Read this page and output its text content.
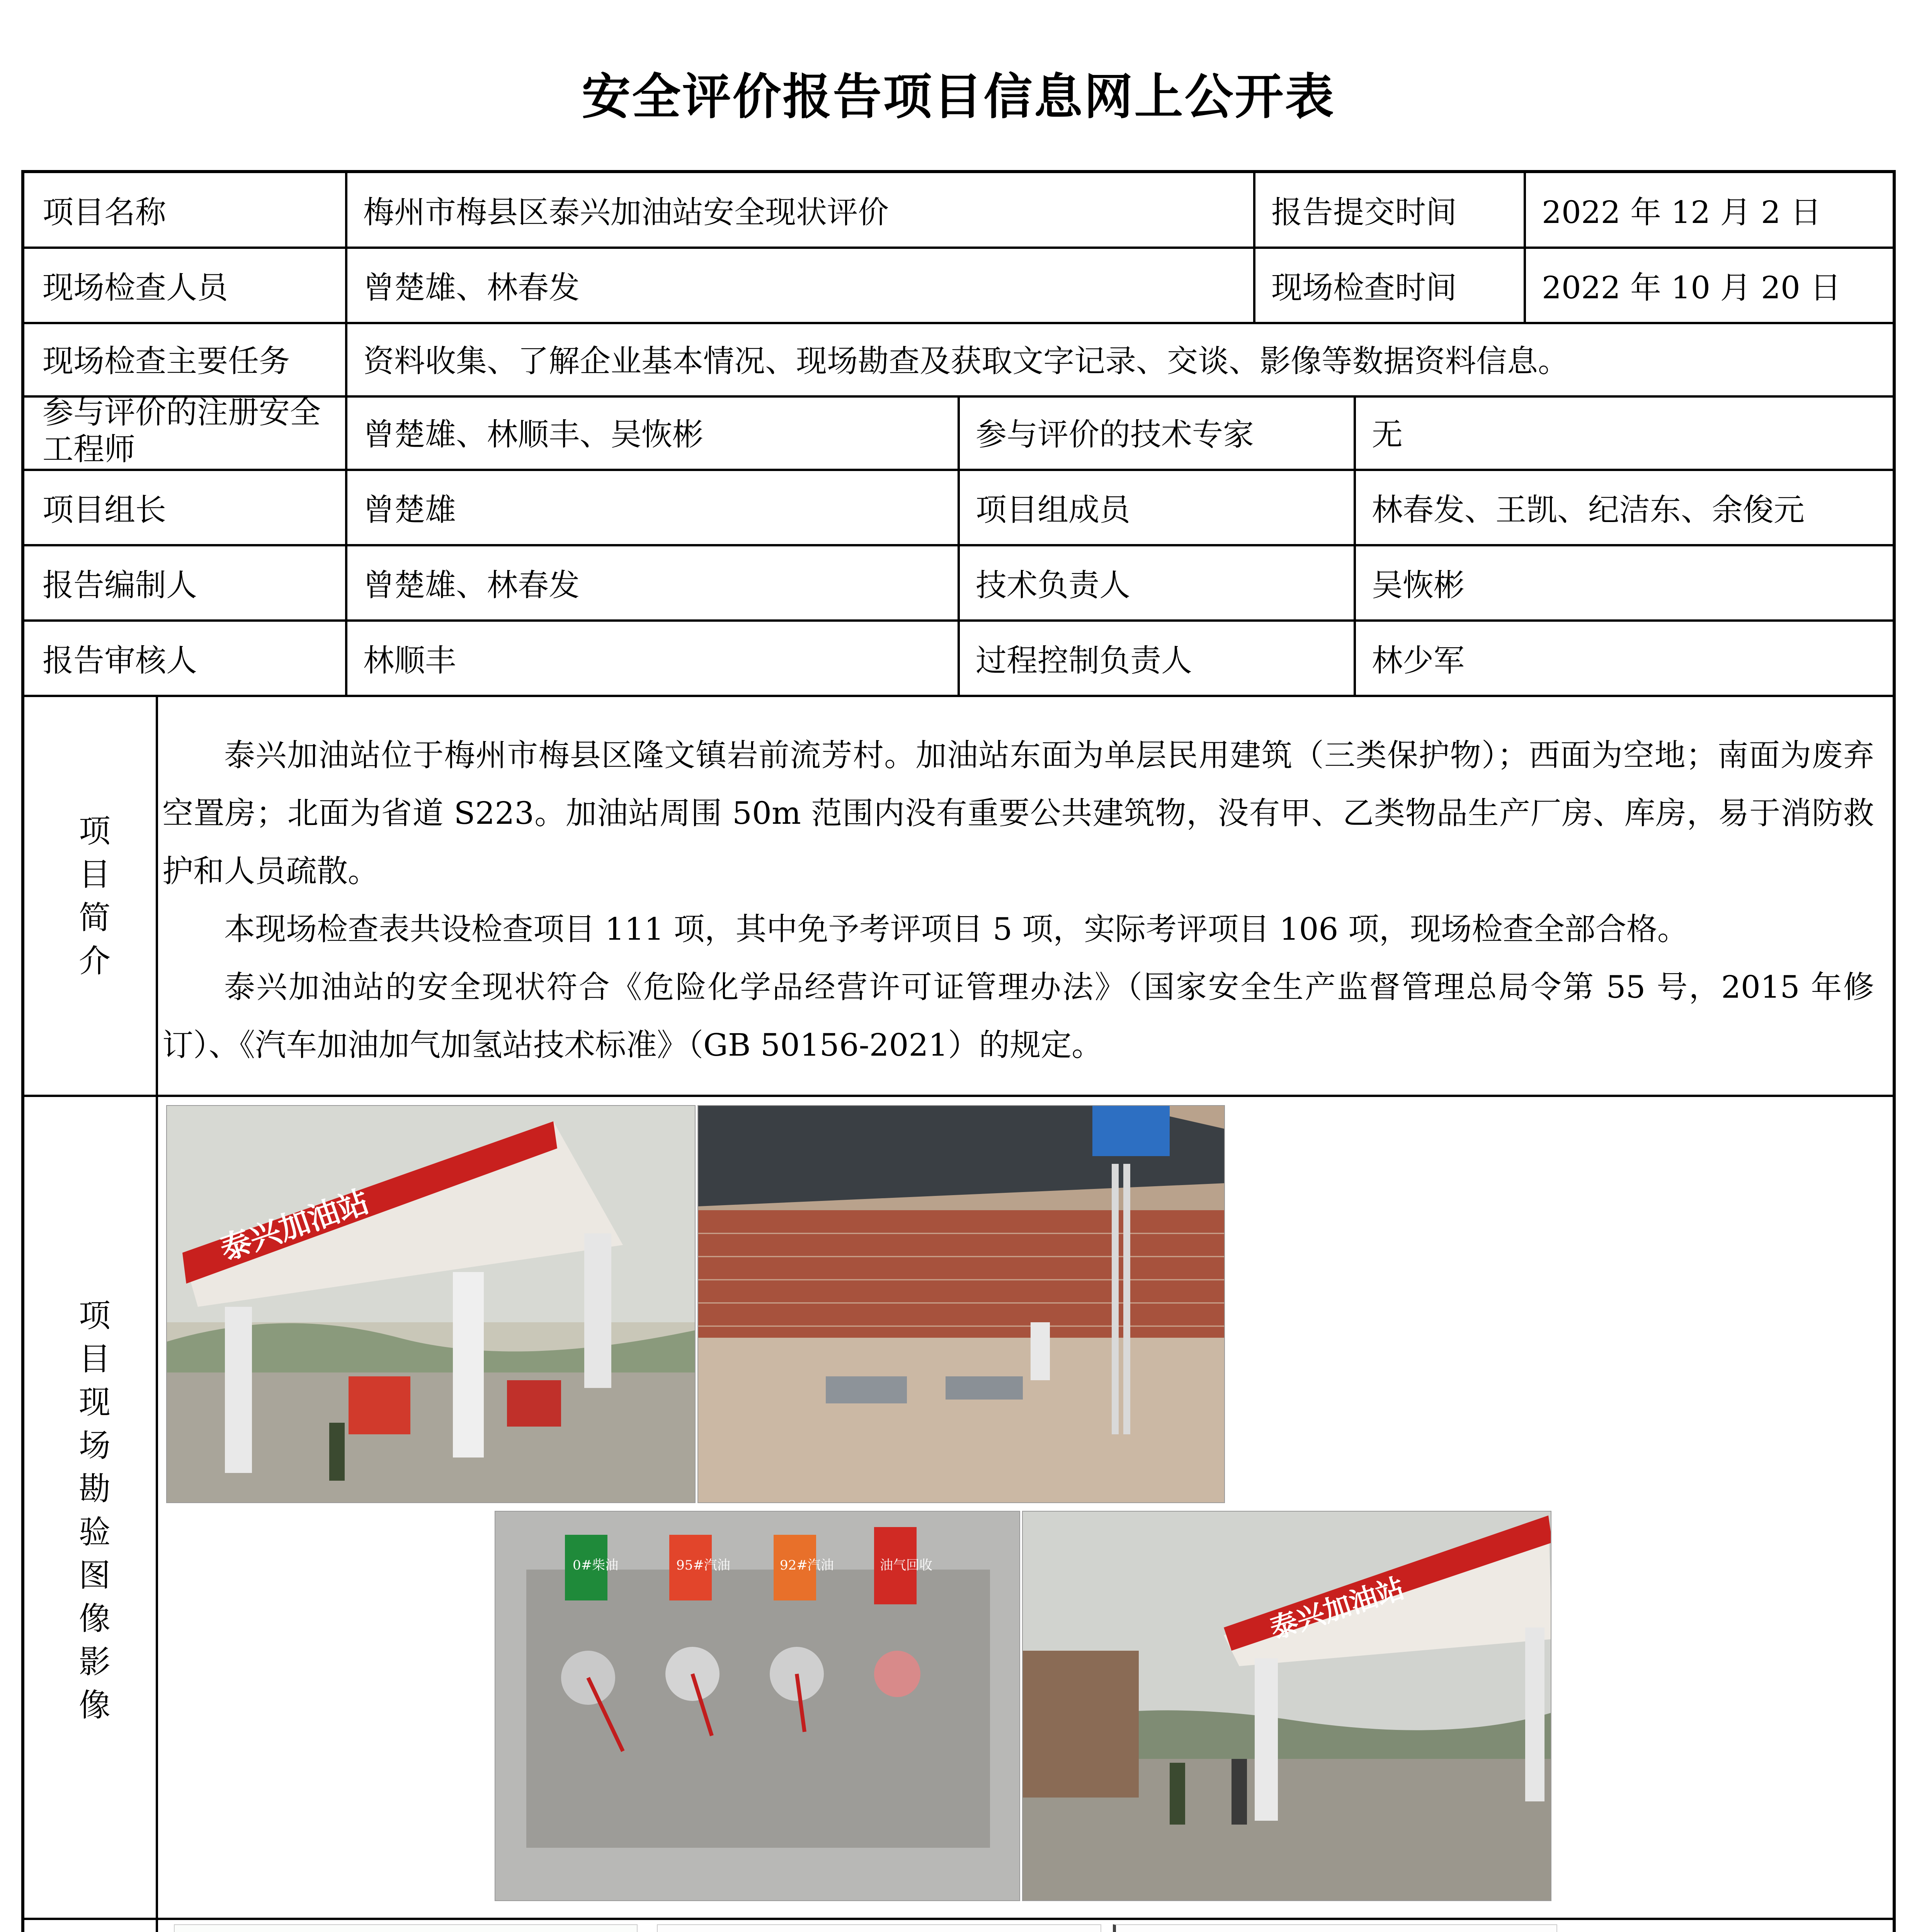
安全评价报告项目信息网上公开表
项目名称	梅州市梅县区泰兴加油站安全现状评价	报告提交时间	2022 年 12 月 2 日
现场检查人员	曾楚雄、林春发	现场检查时间	2022 年 10 月 20 日
现场检查主要任务 资料收集、了解企业基本情况、现场勘查及获取文字记录、交谈、影像等数据资料信息。
参与评价的注册安全工程师	曾楚雄、林顺丰、吴恢彬	参与评价的技术专家	无
项目组长	曾楚雄	项目组成员	林春发、王凯、纪洁东、余俊元
报告编制人	曾楚雄、林春发	技术负责人	吴恢彬
报告审核人	林顺丰	过程控制负责人	林少军
项目简介

泰兴加油站位于梅州市梅县区隆文镇岩前流芳村。加油站东面为单层民用建筑（三类保护物）；西面为空地；南面为废弃空置房；北面为省道 S223。加油站周围 50m 范围内没有重要公共建筑物，没有甲、乙类物品生产厂房、库房，易于消防救护和人员疏散。

本现场检查表共设检查项目 111 项，其中免予考评项目 5 项，实际考评项目 106 项，现场检查全部合格。

泰兴加油站的安全现状符合《危险化学品经营许可证管理办法》（国家安全生产监督管理总局令第 55 号，2015 年修订）、《汽车加油加气加氢站技术标准》（GB 50156-2021）的规定。

项目现场勘验图像影像
泰兴加油站
0#柴油	95#汽油	92#汽油	油气回收
泰兴加油站
